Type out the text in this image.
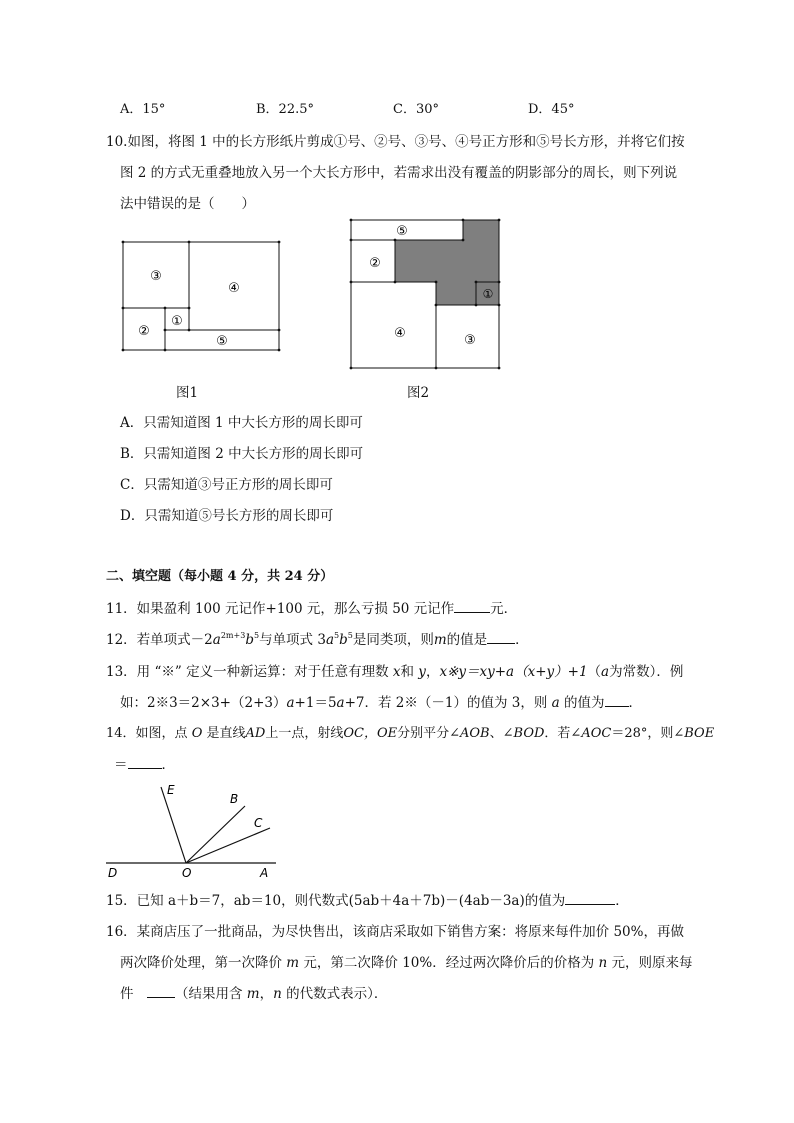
A．15°	B．22.5°	C．30°	D．45°
10.如图，将图 1 中的长方形纸片剪成①号、②号、③号、④号正方形和⑤号长方形，并将它们按
图 2 的方式无重叠地放入另一个大长方形中，若需求出没有覆盖的阴影部分的周长，则下列说
法中错误的是（　　）
③
④
②
①
⑤
⑤
②
①
④	③
图1	图2
A．只需知道图 1 中大长方形的周长即可
B．只需知道图 2 中大长方形的周长即可
C．只需知道③号正方形的周长即可
D．只需知道⑤号长方形的周长即可
二、填空题（每小题 4 分，共 24 分）
11．如果盈利 100 元记作+100 元，那么亏损 50 元记作	元．
12．若单项式$-2a^{2m+3}b^5$与单项式 $3a^5b^5$是同类项，则m的值是 ．
13．用 “※” 定义一种新运算：对于任意有理数 x和 y，x※y＝xy+a（x+y）+1（a为常数）．例
如：2※3＝2×3+（2+3）a+1＝5a+7．若 2※（－1）的值为 3，则 a 的值为 ．
14．如图，点 O 是直线AD上一点，射线OC，OE分别平分∠AOB、∠BOD．若∠AOC＝28°，则∠BOE
＝	．
E
B
C
D	O	A
15．已知 a＋b＝7，ab＝10，则代数式(5ab＋4a＋7b)－(4ab－3a)的值为	．
16．某商店压了一批商品，为尽快售出，该商店采取如下销售方案：将原来每件加价 50%，再做
两次降价处理，第一次降价 m 元，第二次降价 10%．经过两次降价后的价格为 n 元，则原来每
件　	（结果用含 m，n 的代数式表示）．
